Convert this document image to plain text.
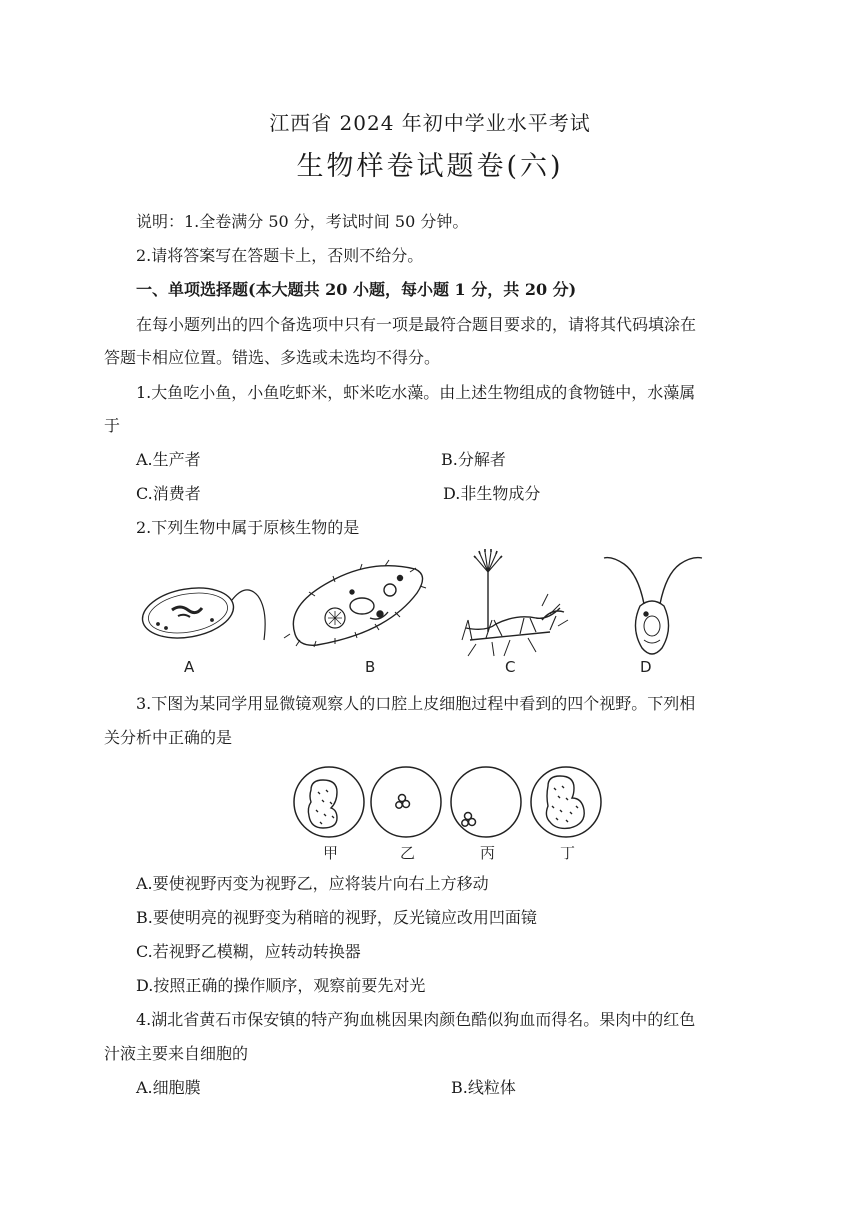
江西省 2024 年初中学业水平考试
生物样卷试题卷(六)
说明：1.全卷满分 50 分，考试时间 50 分钟。
2.请将答案写在答题卡上，否则不给分。
一、单项选择题(本大题共 20 小题，每小题 1 分，共 20 分)
在每小题列出的四个备选项中只有一项是最符合题目要求的，请将其代码填涂在
答题卡相应位置。错选、多选或未选均不得分。
1.大鱼吃小鱼，小鱼吃虾米，虾米吃水藻。由上述生物组成的食物链中，水藻属
于
A.生产者	B.分解者
C.消费者	D.非生物成分
2.下列生物中属于原核生物的是
A	B	C	D
3.下图为某同学用显微镜观察人的口腔上皮细胞过程中看到的四个视野。下列相
关分析中正确的是
甲	乙	丙	丁
A.要使视野丙变为视野乙，应将装片向右上方移动
B.要使明亮的视野变为稍暗的视野，反光镜应改用凹面镜
C.若视野乙模糊，应转动转换器
D.按照正确的操作顺序，观察前要先对光
4.湖北省黄石市保安镇的特产狗血桃因果肉颜色酷似狗血而得名。果肉中的红色
汁液主要来自细胞的
A.细胞膜	B.线粒体
